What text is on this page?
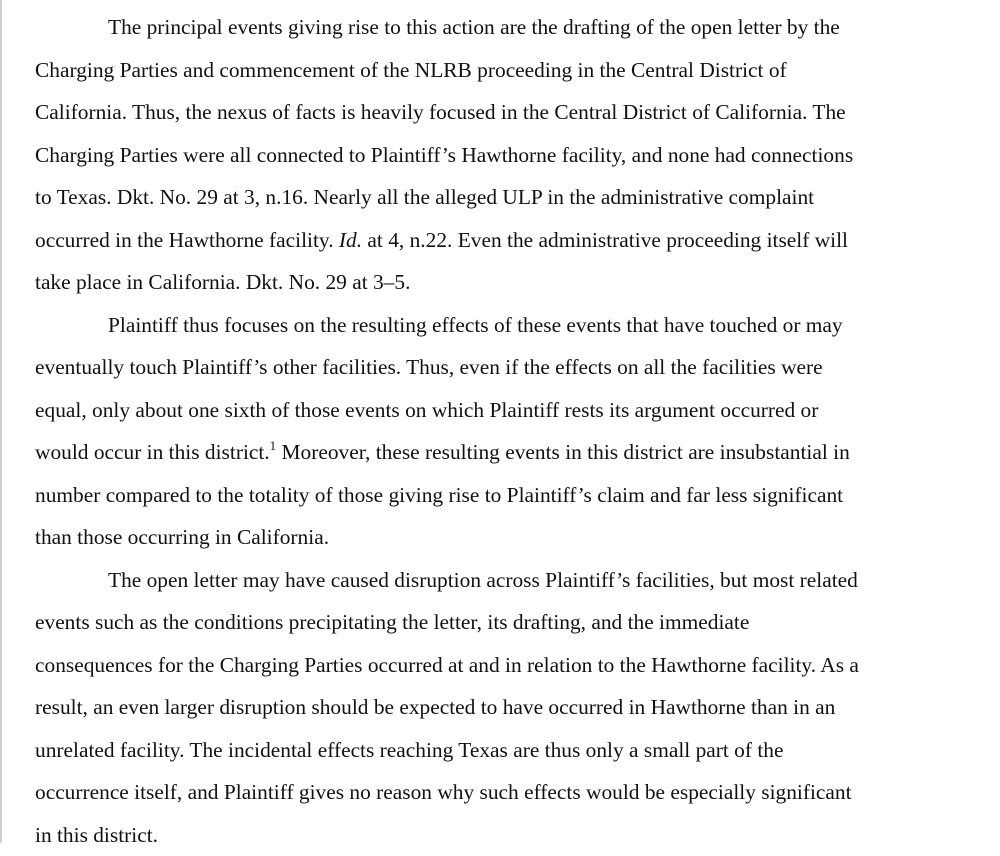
The principal events giving rise to this action are the drafting of the open letter by the
Charging Parties and commencement of the NLRB proceeding in the Central District of
California. Thus, the nexus of facts is heavily focused in the Central District of California. The
Charging Parties were all connected to Plaintiff’s Hawthorne facility, and none had connections
to Texas. Dkt. No. 29 at 3, n.16. Nearly all the alleged ULP in the administrative complaint
occurred in the Hawthorne facility. Id. at 4, n.22. Even the administrative proceeding itself will
take place in California. Dkt. No. 29 at 3–5.
Plaintiff thus focuses on the resulting effects of these events that have touched or may
eventually touch Plaintiff’s other facilities. Thus, even if the effects on all the facilities were
equal, only about one sixth of those events on which Plaintiff rests its argument occurred or
would occur in this district.$^1$ Moreover, these resulting events in this district are insubstantial in
number compared to the totality of those giving rise to Plaintiff’s claim and far less significant
than those occurring in California.
The open letter may have caused disruption across Plaintiff’s facilities, but most related
events such as the conditions precipitating the letter, its drafting, and the immediate
consequences for the Charging Parties occurred at and in relation to the Hawthorne facility. As a
result, an even larger disruption should be expected to have occurred in Hawthorne than in an
unrelated facility. The incidental effects reaching Texas are thus only a small part of the
occurrence itself, and Plaintiff gives no reason why such effects would be especially significant
in this district.
